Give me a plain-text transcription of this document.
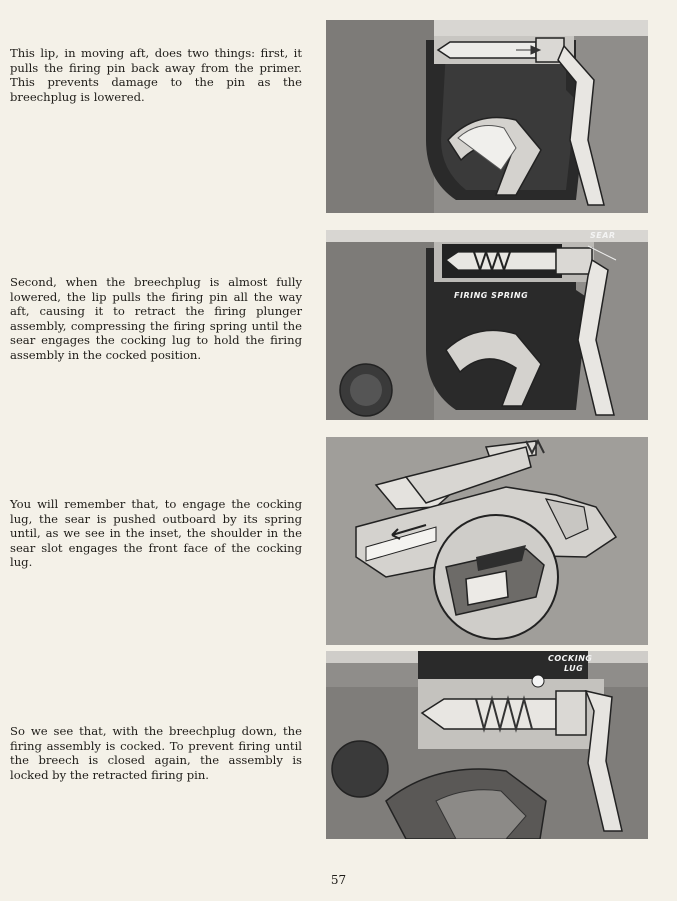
This lip, in moving aft, does two things: first, it pulls the firing pin back away from the primer. This prevents damage to the pin as the breechplug is lowered.

Second, when the breechplug is almost fully lowered, the lip pulls the firing pin all the way aft, causing it to retract the firing plunger assembly, compressing the firing spring until the sear engages the cocking lug to hold the firing assembly in the cocked position.

You will remember that, to engage the cocking lug, the sear is pushed outboard by its spring until, as we see in the inset, the shoulder in the sear slot engages the front face of the cocking lug.

So we see that, with the breechplug down, the firing assembly is cocked. To prevent firing until the breech is closed again, the assembly is locked by the retracted firing pin.

SEAR
FIRING SPRING
COCKING
LUG
57
